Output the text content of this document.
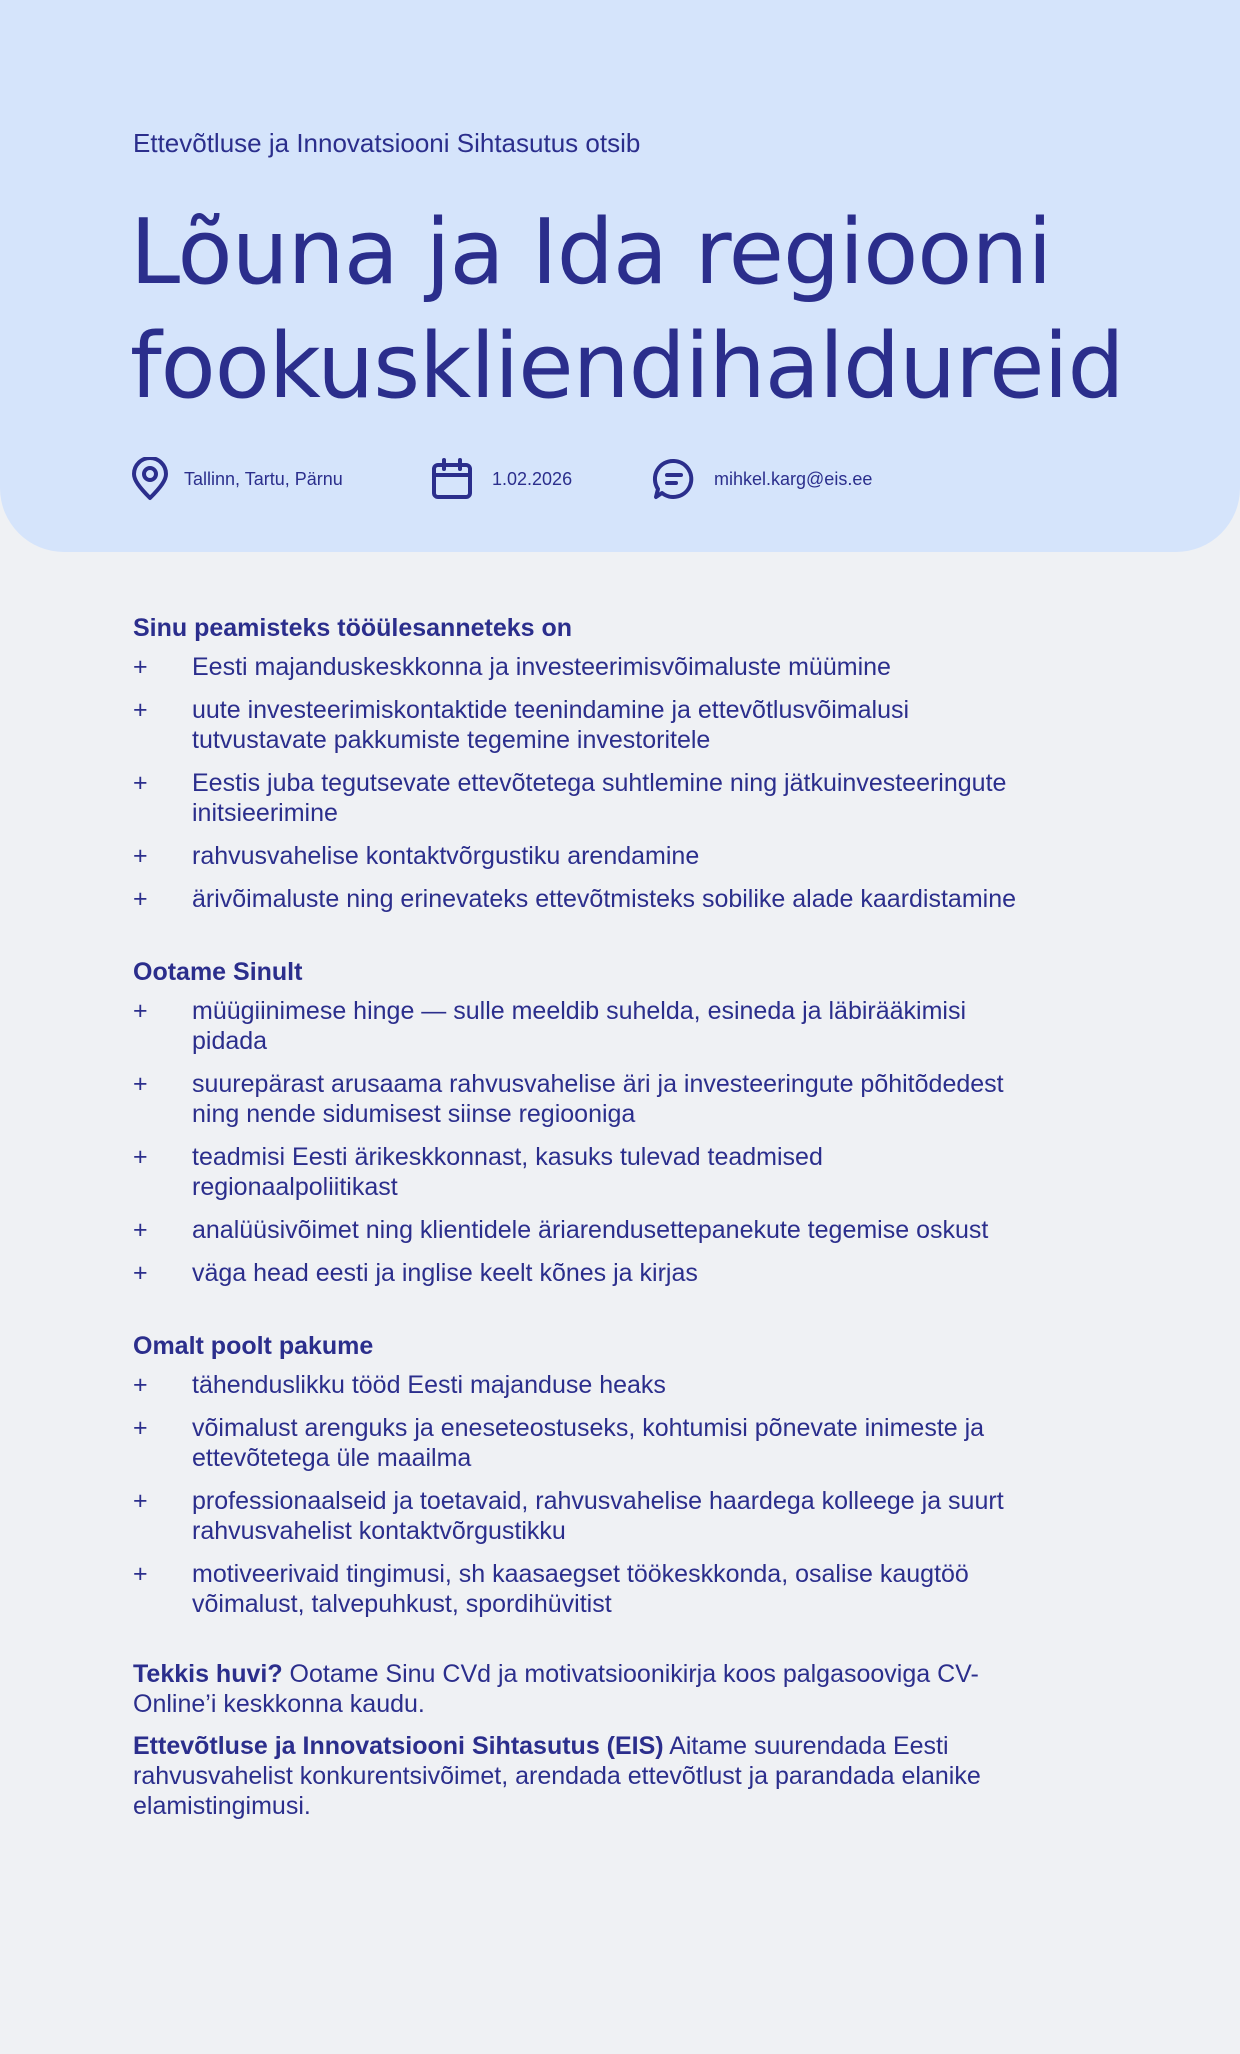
Ettevõtluse ja Innovatsiooni Sihtasutus otsib
Lõuna ja Ida regiooni
fookuskliendihaldureid
Tallinn, Tartu, Pärnu	1.02.2026	mihkel.karg@eis.ee
Sinu peamisteks tööülesanneteks on
+ Eesti majanduskeskkonna ja investeerimisvõimaluste müümine
+ uute investeerimiskontaktide teenindamine ja ettevõtlusvõimalusi tutvustavate pakkumiste tegemine investoritele
+ Eestis juba tegutsevate ettevõtetega suhtlemine ning jätkuinvesteeringute initsieerimine
+ rahvusvahelise kontaktvõrgustiku arendamine
+ ärivõimaluste ning erinevateks ettevõtmisteks sobilike alade kaardistamine
Ootame Sinult
+ müügiinimese hinge — sulle meeldib suhelda, esineda ja läbirääkimisi pidada
+ suurepärast arusaama rahvusvahelise äri ja investeeringute põhitõdedest ning nende sidumisest siinse regiooniga
+ teadmisi Eesti ärikeskkonnast, kasuks tulevad teadmised regionaalpoliitikast
+ analüüsivõimet ning klientidele äriarendusettepanekute tegemise oskust
+ väga head eesti ja inglise keelt kõnes ja kirjas
Omalt poolt pakume
+ tähenduslikku tööd Eesti majanduse heaks
+ võimalust arenguks ja eneseteostuseks, kohtumisi põnevate inimeste ja ettevõtetega üle maailma
+ professionaalseid ja toetavaid, rahvusvahelise haardega kolleege ja suurt rahvusvahelist kontaktvõrgustikku
+ motiveerivaid tingimusi, sh kaasaegset töökeskkonda, osalise kaugtöö võimalust, talvepuhkust, spordihüvitist

Tekkis huvi? Ootame Sinu CVd ja motivatsioonikirja koos palgasooviga CV-Online’i keskkonna kaudu.

Ettevõtluse ja Innovatsiooni Sihtasutus (EIS) Aitame suurendada Eesti rahvusvahelist konkurentsivõimet, arendada ettevõtlust ja parandada elanike elamistingimusi.
